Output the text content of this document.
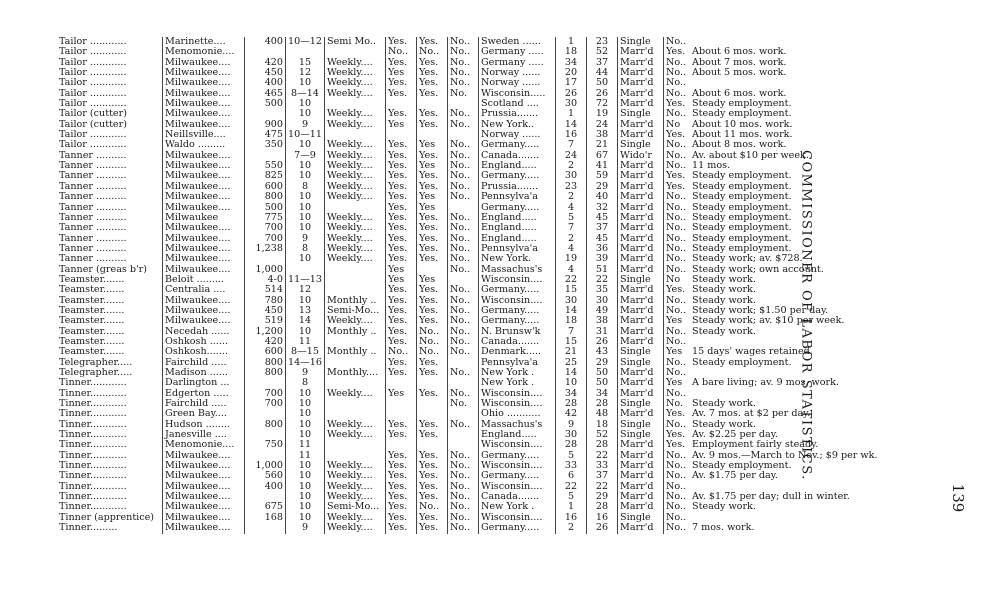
Tailor ............	Marinette....	400	10—12	Semi Mo..	Yes.	Yes.	No..	Sweden ......	1	23	Single	No..	
Tailor ............	Menomonie....				No..	No..	No..	Germany .....	18	52	Marr'd	Yes.	About 6 mos. work.
Tailor ............	Milwaukee....	420	15	Weekly....	Yes.	Yes.	No..	Germany .....	34	37	Marr'd	No..	About 7 mos. work.
Tailor ............	Milwaukee....	450	12	Weekly....	Yes	Yes.	No..	Norway ......	20	44	Marr'd	No..	About 5 mos. work.
Tailor ............	Milwaukee....	400	10	Weekly....	Yes.	Yes.	No..	Norway ......	17	50	Marr'd	No..	
Tailor ............	Milwaukee....	465	8—14	Weekly....	Yes.	Yes.	No.	Wisconsin.....	26	26	Marr'd	No..	About 6 mos. work.
Tailor ............	Milwaukee....	500	10					Scotland ....	30	72	Marr'd	Yes.	Steady employment.
Tailor (cutter)	Milwaukee....		10	Weekly....	Yes.	Yes.	No..	Prussia.......	1	19	Single	No..	Steady employment.
Tailor (cutter)	Milwaukee....	900	9	Weekly....	Yes	Yes.	No..	New York..	14	24	Marr'd	No	About 10 mos. work.
Tailor ............	Neillsville....	475	10—11					Norway ......	16	38	Marr'd	Yes.	About 11 mos. work.
Tailor ............	Waldo .........	350	10	Weekly....	Yes.	Yes	No..	Germany.....	7	21	Single	No..	About 8 mos. work.
Tanner ..........	Milwaukee....		7—9	Weekly....	Yes.	Yes.	No..	Canada.......	24	67	Wido'r	No..	Av. about $10 per week.
Tanner ..........	Milwaukee....	550	10	Weekly....	Yes.	Yes	No..	England.....	2	41	Marr'd	No..	11 mos.
Tanner ..........	Milwaukee....	825	10	Weekly....	Yes.	Yes.	No..	Germany.....	30	59	Marr'd	Yes.	Steady employment.
Tanner ..........	Milwaukee....	600	8	Weekly....	Yes.	Yes.	No..	Prussia.......	23	29	Marr'd	Yes.	Steady employment.
Tanner ..........	Milwaukee....	800	10	Weekly....	Yes.	Yes	No..	Pennsylva'a	2	40	Marr'd	No..	Steady employment.
Tanner ..........	Milwaukee....	500	10		Yes.	Yes		Germany.....	4	32	Marr'd	No..	Steady employment.
Tanner ..........	Milwaukee	775	10	Weekly....	Yes.	Yes.	No..	England.....	5	45	Marr'd	No..	Steady employment.
Tanner ..........	Milwaukee....	700	10	Weekly....	Yes.	Yes.	No..	England.....	7	37	Marr'd	No..	Steady employment.
Tanner ..........	Milwaukee....	700	9	Weekly....	Yes.	Yes.	No..	England.....	2	45	Marr'd	No..	Steady employment.
Tanner ..........	Milwaukee....	1,238	8	Weekly....	Yes.	Yes.	No..	Pennsylva'a	4	36	Marr'd	No..	Steady employment.
Tanner ..........	Milwaukee....		10	Weekly....	Yes.	Yes.	No..	New York.	19	39	Marr'd	No..	Steady work; av. $728.
Tanner (greas b'r)	Milwaukee....	1,000			Yes		No..	Massachus's	4	51	Marr'd	No..	Steady work; own account.
Teamster.......	Beloit .........	4-0	11—13		Yes	Yes		Wisconsin....	22	22	Single	No	Steady work.
Teamster.......	Centralia ....	514	12		Yes.	Yes.	No..	Germany.....	15	35	Marr'd	Yes.	Steady work.
Teamster.......	Milwaukee....	780	10	Monthly ..	Yes.	Yes.	No..	Wisconsin....	30	30	Marr'd	No..	Steady work.
Teamster.......	Milwaukee....	450	13	Semi-Mo...	Yes.	Yes.	No..	Germany.....	14	49	Marr'd	No..	Steady work; $1.50 per day.
Teamster.......	Milwaukee....	519	14	Weekly....	Yes.	Yes.	No..	Germany.....	18	38	Marr'd	Yes	Steady work; av. $10 per week.
Teamster.......	Necedah ......	1,200	10	Monthly ..	Yes.	No..	No..	N. Brunsw'k	7	31	Marr'd	No..	Steady work.
Teamster.......	Oshkosh ......	420	11		Yes.	No..	No..	Canada.......	15	26	Marr'd	No..	
Teamster.......	Oshkosh.......	600	8—15	Monthly ..	No..	No..	No..	Denmark.....	21	43	Single	Yes	15 days' wages retained.
Telegrapher.....	Fairchild .....	800	14—16		Yes.	Yes.		Pennsylva'a	25	29	Single	No..	Steady employment.
Telegrapher.....	Madison ......	800	9	Monthly....	Yes.	Yes.	No..	New York .	14	50	Marr'd	No..	
Tinner............	Darlington ...		8					New York .	10	50	Marr'd	Yes	A bare living; av. 9 mos. work.
Tinner............	Edgerton .....	700	10	Weekly....	Yes	Yes.	No..	Wisconsin....	34	34	Marr'd	No..	
Tinner............	Fairchild .....	700	10				No.	Wisconsin....	28	28	Single	No.	Steady work.
Tinner............	Green Bay....		10					Ohio ...........	42	48	Marr'd	Yes.	Av. 7 mos. at $2 per day.
Tinner............	Hudson ........	800	10	Weekly....	Yes.	Yes.	No..	Massachus's	9	18	Single	No..	Steady work.
Tinner............	Janesville ....		10	Weekly....	Yes.	Yes.		England.....	30	52	Single	Yes.	Av. $2.25 per day.
Tinner............	Menomonie....	750	11					Wisconsin....	28	28	Marr'd	Yes.	Employment fairly steady.
Tinner............	Milwaukee....		11		Yes.	Yes.	No..	Germany.....	5	22	Marr'd	No..	Av. 9 mos.—March to Nov.; $9 per wk.
Tinner............	Milwaukee....	1,000	10	Weekly....	Yes.	Yes.	No..	Wisconsin....	33	33	Marr'd	No..	Steady employment.
Tinner............	Milwaukee....	560	10	Weekly....	Yes.	Yes.	No..	Germany.....	6	37	Marr'd	No..	Av. $1.75 per day.
Tinner............	Milwaukee....	400	10	Weekly....	Yes.	Yes.	No..	Wisconsin....	22	22	Marr'd	No..	
Tinner............	Milwaukee....		10	Weekly....	Yes.	Yes.	No..	Canada.......	5	29	Marr'd	No..	Av. $1.75 per day; dull in winter.
Tinner............	Milwaukee....	675	10	Semi-Mo...	Yes.	No..	No..	New York .	1	28	Marr'd	No..	Steady work.
Tinner (apprentice)	Milwaukee....	168	10	Weekly....	Yes.	Yes.	No..	Wisconsin....	16	16	Single	No..	
Tinner.........	Milwaukee....		9	Weekly....	Yes.	Yes.	No..	Germany.....	2	26	Marr'd	No..	7 mos. work.
COMMISSIONER OF LABOR STATISTICS.
139
